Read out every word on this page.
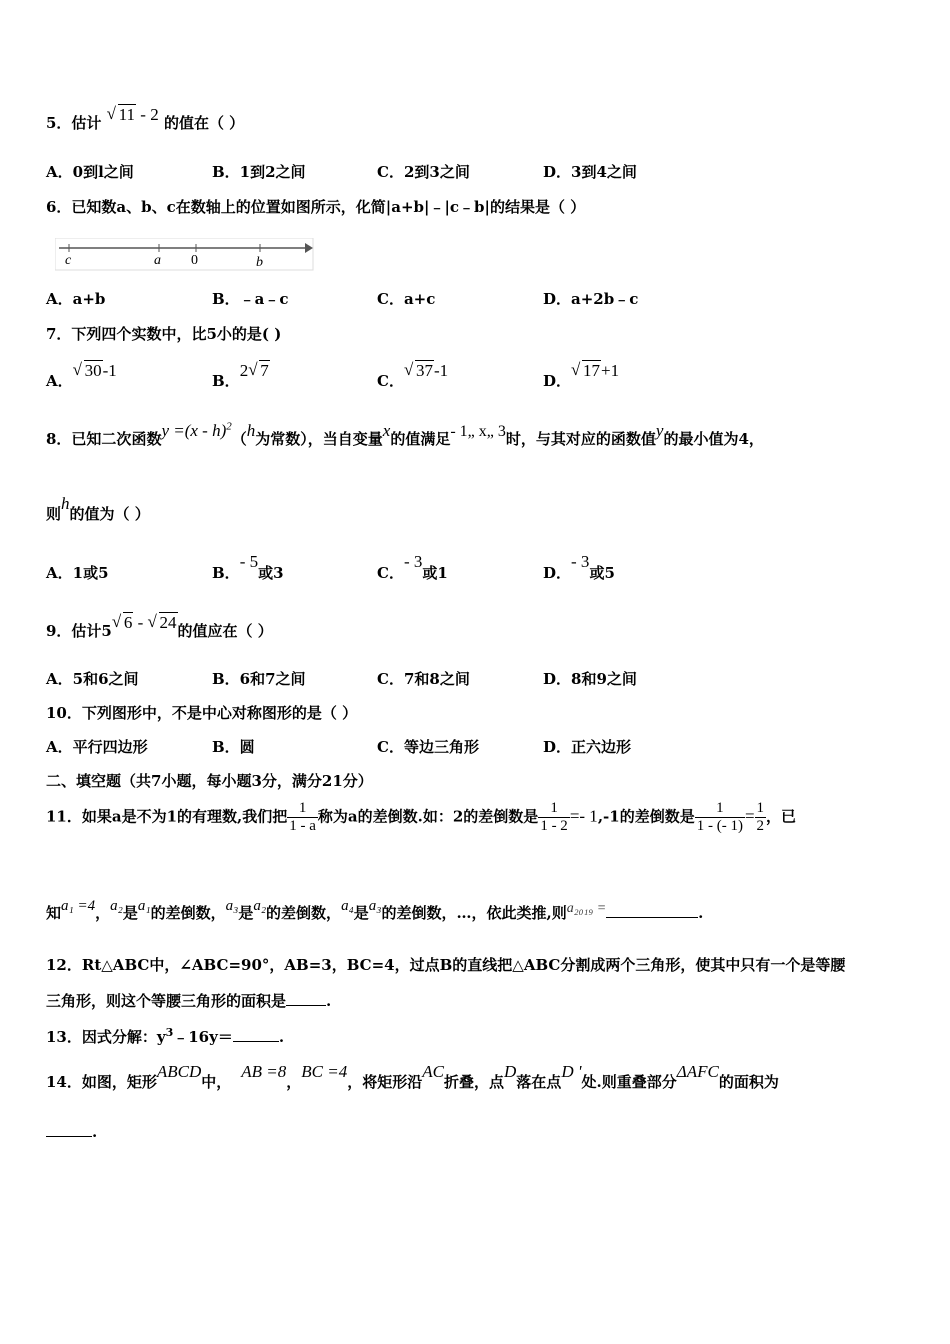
5．估计 √ 11 - 2 的值在（ ）
A．0到l之间	B．1到2之间	C．2到3之间	D．3到4之间
6．已知数a、b、c在数轴上的位置如图所示，化简|a+b|﹣|c﹣b|的结果是（ ）
c	a 0	b
A．a+b	B．﹣a﹣c	C．a+c	D．a+2b﹣c
7．下列四个实数中，比5小的是( )
A．
√ 30-1
B．2 √ 7
C．
√ 37-1
D．
√ 17+1
8．已知二次函数y =(x - h)$^2$（h为常数），当自变量x的值满足- 1„ x„ 3时，与其对应的函数值y的最小值为4，
则h的值为（ ）
A．1或5	B．- 5或3	C．- 3或1	D．- 3或5
9．估计5 √ 6 - √ 24的值应在（ ）
A．5和6之间	B．6和7之间	C．7和8之间	D．8和9之间
10．下列图形中，不是中心对称图形的是（ ）
A．平行四边形	B．圆	C．等边三角形	D．正六边形
二、填空题（共7小题，每小题3分，满分21分）
11．如果a是不为1的有理数,我们把 $\frac{1}{1 - a}$ 称为a的差倒数.如：2的差倒数是 $\frac{1}{1 - 2} =- 1,-1$的差倒数是 $\frac{1}{1 - (- 1)} = \frac{1}{2}$ ，已
知a₁ =4，a₂是a₁的差倒数，a₃是a₂的差倒数，a₄是a₃的差倒数，…，依此类推,则a₂₀₁₉ =	.
12．Rt△ABC中，∠ABC=90°，AB=3，BC=4，过点B的直线把△ABC分割成两个三角形，使其中只有一个是等腰
三角形，则这个等腰三角形的面积是	.
13．因式分解：$y^3﹣16y=$	.
14．如图，矩形ABCD中，AB =8，BC =4，将矩形沿AC折叠，点D落在点D '处.则重叠部分ΔAFC的面积为
.
